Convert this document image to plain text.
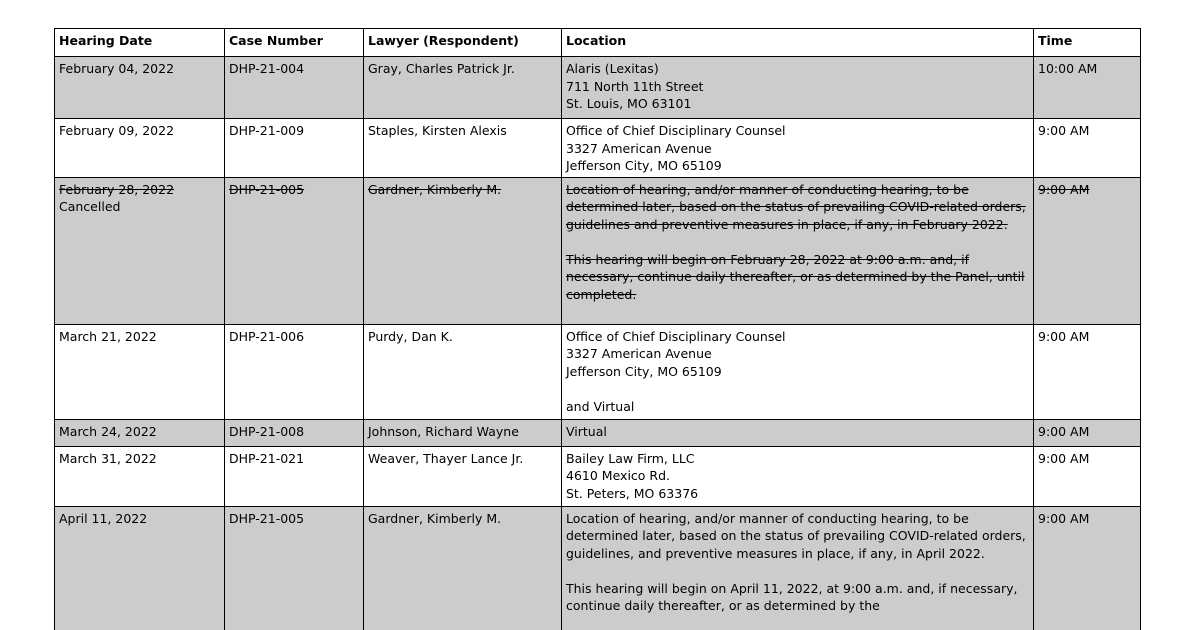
Hearing Date	Case Number	Lawyer (Respondent)	Location	Time
February 04, 2022	DHP-21-004	Gray, Charles Patrick Jr.	Alaris (Lexitas)
711 North 11th Street
St. Louis, MO 63101	10:00 AM
February 09, 2022	DHP-21-009	Staples, Kirsten Alexis	Office of Chief Disciplinary Counsel
3327 American Avenue
Jefferson City, MO 65109	9:00 AM

February 28, 2022
Cancelled	DHP-21-005	Gardner, Kimberly M.	Location of hearing, and/or manner of conducting hearing, to be determined later, based on the status of prevailing COVID-related orders, guidelines and preventive measures in place, if any, in February 2022.
This hearing will begin on February 28, 2022 at 9:00 a.m. and, if necessary, continue daily thereafter, or as determined by the Panel, until completed.	9:00 AM
March 21, 2022	DHP-21-006	Purdy, Dan K.	Office of Chief Disciplinary Counsel
3327 American Avenue
Jefferson City, MO 65109
and Virtual	9:00 AM
March 24, 2022	DHP-21-008	Johnson, Richard Wayne	Virtual	9:00 AM
March 31, 2022	DHP-21-021	Weaver, Thayer Lance Jr.	Bailey Law Firm, LLC
4610 Mexico Rd.
St. Peters, MO 63376	9:00 AM
April 11, 2022	DHP-21-005	Gardner, Kimberly M.	Location of hearing, and/or manner of conducting hearing, to be determined later, based on the status of prevailing COVID-related orders, guidelines, and preventive measures in place, if any, in April 2022.
This hearing will begin on April 11, 2022, at 9:00 a.m. and, if necessary, continue daily thereafter, or as determined by the	9:00 AM
